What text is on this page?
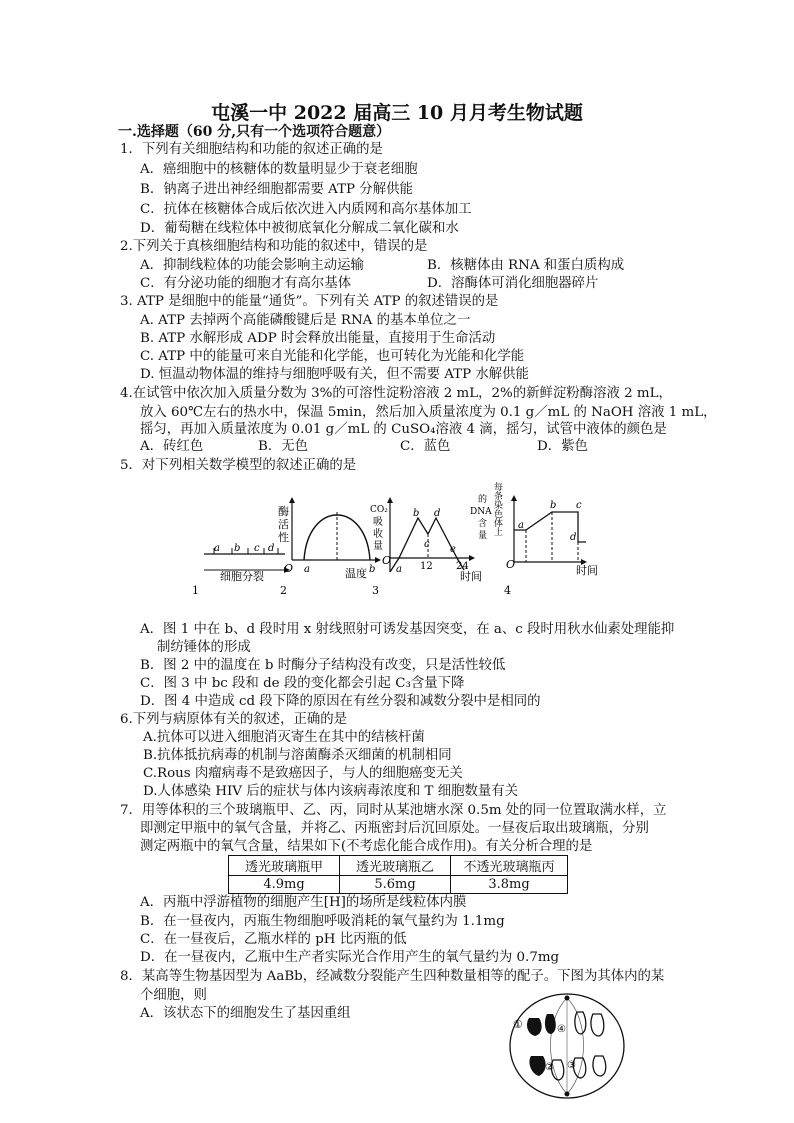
屯溪一中 2022 届高三 10 月月考生物试题
一.选择题（60 分,只有一个选项符合题意）
1．下列有关细胞结构和功能的叙述正确的是
A．癌细胞中的核糖体的数量明显少于衰老细胞
B．钠离子进出神经细胞都需要 ATP 分解供能
C．抗体在核糖体合成后依次进入内质网和高尔基体加工
D．葡萄糖在线粒体中被彻底氧化分解成二氧化碳和水
2.下列关于真核细胞结构和功能的叙述中，错误的是
A．抑制线粒体的功能会影响主动运输	B．核糖体由 RNA 和蛋白质构成
C．有分泌功能的细胞才有高尔基体	D．溶酶体可消化细胞器碎片
3. ATP 是细胞中的能量“通货”。下列有关 ATP 的叙述错误的是
A. ATP 去掉两个高能磷酸键后是 RNA 的基本单位之一
B. ATP 水解形成 ADP 时会释放出能量，直接用于生命活动
C. ATP 中的能量可来自光能和化学能，也可转化为光能和化学能
D. 恒温动物体温的维持与细胞呼吸有关，但不需要 ATP 水解供能
4.在试管中依次加入质量分数为 3%的可溶性淀粉溶液 2 mL，2%的新鲜淀粉酶溶液 2 mL，
放入 60℃左右的热水中，保温 5min，然后加入质量浓度为 0.1 g／mL 的 NaOH 溶液 1 mL，
摇匀，再加入质量浓度为 0.01 g／mL 的 CuSO₄溶液 4 滴，摇匀，试管中液体的颜色是
A．砖红色	B．无色	C．蓝色	D．紫色
5．对下列相关数学模型的叙述正确的是
a b c d
细胞分裂
1
酶
活
性
O a	温度 b
2
CO₂
吸
收
量
O
a
b d
c e
12 24
时间
3
每
条
染
色
体
上
的
DNA
含
量
O
a
b c
d
时间
4
A．图 1 中在 b、d 段时用 x 射线照射可诱发基因突变，在 a、c 段时用秋水仙素处理能抑
制纺锤体的形成
B．图 2 中的温度在 b 时酶分子结构没有改变，只是活性较低
C．图 3 中 bc 段和 de 段的变化都会引起 C₃含量下降
D．图 4 中造成 cd 段下降的原因在有丝分裂和减数分裂中是相同的
6.下列与病原体有关的叙述，正确的是
A.抗体可以进入细胞消灭寄生在其中的结核杆菌
B.抗体抵抗病毒的机制与溶菌酶杀灭细菌的机制相同
C.Rous 肉瘤病毒不是致癌因子，与人的细胞癌变无关
D.人体感染 HIV 后的症状与体内该病毒浓度和 T 细胞数量有关
7．用等体积的三个玻璃瓶甲、乙、丙，同时从某池塘水深 0.5m 处的同一位置取满水样，立
即测定甲瓶中的氧气含量，并将乙、丙瓶密封后沉回原处。一昼夜后取出玻璃瓶，分别
测定两瓶中的氧气含量，结果如下(不考虑化能合成作用)。有关分析合理的是
透光玻璃瓶甲	透光玻璃瓶乙	不透光玻璃瓶丙
4.9mg	5.6mg	3.8mg
A．丙瓶中浮游植物的细胞产生[H]的场所是线粒体内膜
B．在一昼夜内，丙瓶生物细胞呼吸消耗的氧气量约为 1.1mg
C．在一昼夜后，乙瓶水样的 pH 比丙瓶的低
D．在一昼夜内，乙瓶中生产者实际光合作用产生的氧气量约为 0.7mg
8．某高等生物基因型为 AaBb，经减数分裂能产生四种数量相等的配子。下图为其体内的某
个细胞，则
A．该状态下的细胞发生了基因重组
①	④
② ③
